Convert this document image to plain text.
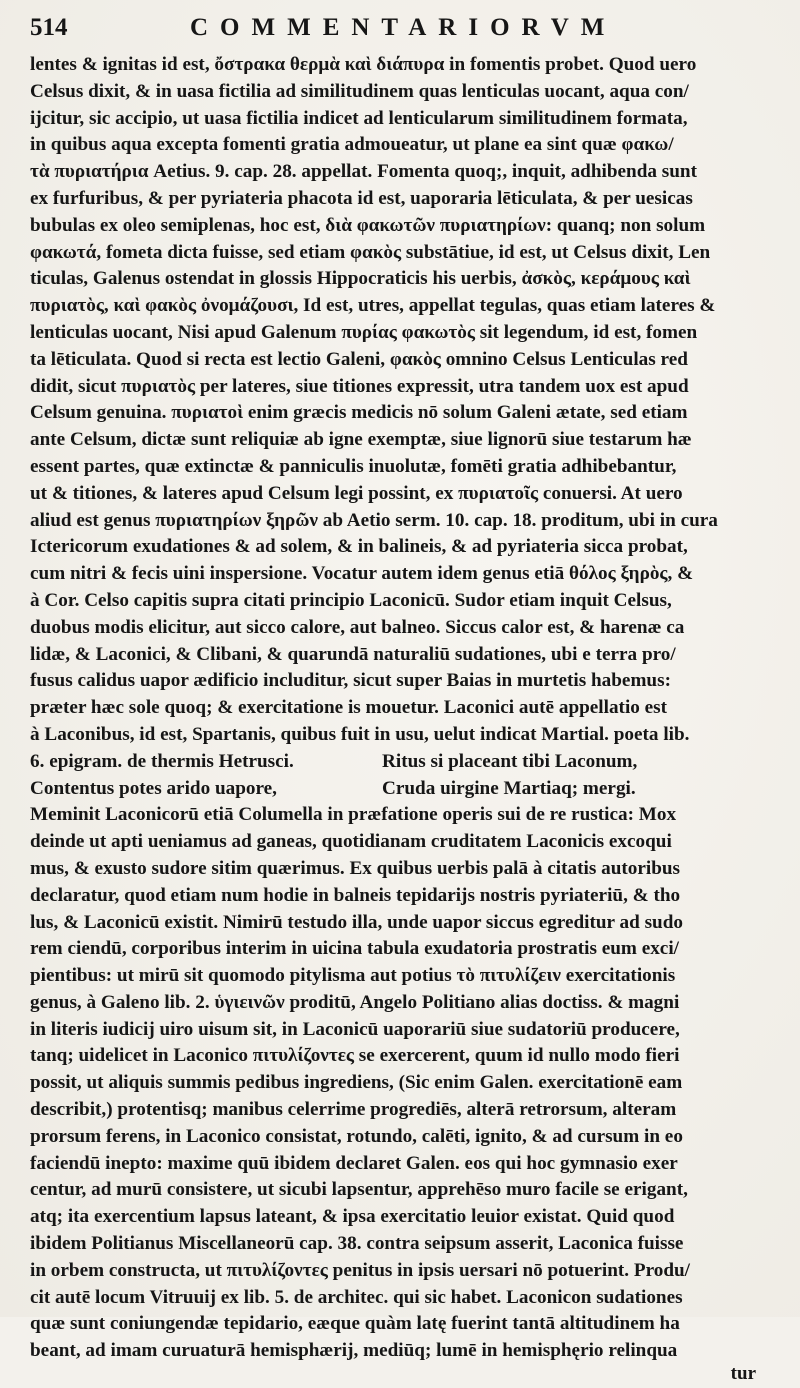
514	COMMENTARIORVM
lentes & ignitas id est, ὄστρακα θερμὰ καὶ διάπυρα in fomentis probet. Quod uero
Celsus dixit, & in uasa fictilia ad similitudinem quas lenticulas uocant, aqua con/
ijcitur, sic accipio, ut uasa fictilia indicet ad lenticularum similitudinem formata,
in quibus aqua excepta fomenti gratia admoueatur, ut plane ea sint quæ φακω/
τὰ πυριατήρια Aetius. 9. cap. 28. appellat. Fomenta quoq;, inquit, adhibenda sunt
ex furfuribus, & per pyriateria phacota id est, uaporaria lēticulata, & per uesicas
bubulas ex oleo semiplenas, hoc est, διὰ φακωτῶν πυριατηρίων: quanq; non solum
φακωτά, fometa dicta fuisse, sed etiam φακὸς substātiue, id est, ut Celsus dixit, Len
ticulas, Galenus ostendat in glossis Hippocraticis his uerbis, ἀσκὸς, κεράμους καὶ
πυριατὸς, καὶ φακὸς ὀνομάζουσι, Id est, utres, appellat tegulas, quas etiam lateres &
lenticulas uocant, Nisi apud Galenum πυρίας φακωτὸς sit legendum, id est, fomen
ta lēticulata. Quod si recta est lectio Galeni, φακὸς omnino Celsus Lenticulas red
didit, sicut πυριατὸς per lateres, siue titiones expressit, utra tandem uox est apud
Celsum genuina. πυριατοὶ enim græcis medicis nō solum Galeni ætate, sed etiam
ante Celsum, dictæ sunt reliquiæ ab igne exemptæ, siue lignorū siue testarum hæ
essent partes, quæ extinctæ & panniculis inuolutæ, fomēti gratia adhibebantur,
ut & titiones, & lateres apud Celsum legi possint, ex πυριατοῖς conuersi. At uero
aliud est genus πυριατηρίων ξηρῶν ab Aetio serm. 10. cap. 18. proditum, ubi in cura
Ictericorum exudationes & ad solem, & in balineis, & ad pyriateria sicca probat,
cum nitri & fecis uini inspersione. Vocatur autem idem genus etiā θόλος ξηρὸς, &
à Cor. Celso capitis supra citati principio Laconicū. Sudor etiam inquit Celsus,
duobus modis elicitur, aut sicco calore, aut balneo. Siccus calor est, & harenæ ca
lidæ, & Laconici, & Clibani, & quarundā naturaliū sudationes, ubi e terra pro/
fusus calidus uapor ædificio includitur, sicut super Baias in murtetis habemus:
præter hæc sole quoq; & exercitatione is mouetur. Laconici autē appellatio est
à Laconibus, id est, Spartanis, quibus fuit in usu, uelut indicat Martial. poeta lib.
6. epigram. de thermis Hetrusci.	Ritus si placeant tibi Laconum,
Contentus potes arido uapore,	Cruda uirgine Martiaq; mergi.
Meminit Laconicorū etiā Columella in præfatione operis sui de re rustica: Mox
deinde ut apti ueniamus ad ganeas, quotidianam cruditatem Laconicis excoqui
mus, & exusto sudore sitim quærimus. Ex quibus uerbis palā à citatis autoribus
declaratur, quod etiam num hodie in balneis tepidarijs nostris pyriateriū, & tho
lus, & Laconicū existit. Nimirū testudo illa, unde uapor siccus egreditur ad sudo
rem ciendū, corporibus interim in uicina tabula exudatoria prostratis eum exci/
pientibus: ut mirū sit quomodo pitylisma aut potius τὸ πιτυλίζειν exercitationis
genus, à Galeno lib. 2. ὑγιεινῶν proditū, Angelo Politiano alias doctiss. & magni
in literis iudicij uiro uisum sit, in Laconicū uaporariū siue sudatoriū producere,
tanq; uidelicet in Laconico πιτυλίζοντες se exercerent, quum id nullo modo fieri
possit, ut aliquis summis pedibus ingrediens, (Sic enim Galen. exercitationē eam
describit,) protentisq; manibus celerrime progrediēs, alterā retrorsum, alteram
prorsum ferens, in Laconico consistat, rotundo, calēti, ignito, & ad cursum in eo
faciendū inepto: maxime quū ibidem declaret Galen. eos qui hoc gymnasio exer
centur, ad murū consistere, ut sicubi lapsentur, apprehēso muro facile se erigant,
atq; ita exercentium lapsus lateant, & ipsa exercitatio leuior existat. Quid quod
ibidem Politianus Miscellaneorū cap. 38. contra seipsum asserit, Laconica fuisse
in orbem constructa, ut πιτυλίζοντες penitus in ipsis uersari nō potuerint. Produ/
cit autē locum Vitruuij ex lib. 5. de architec. qui sic habet. Laconicon sudationes
quæ sunt coniungendæ tepidario, eæque quàm latę fuerint tantā altitudinem ha
beant, ad imam curuaturā hemisphærij, mediūq; lumē in hemisphęrio relinqua
tur
